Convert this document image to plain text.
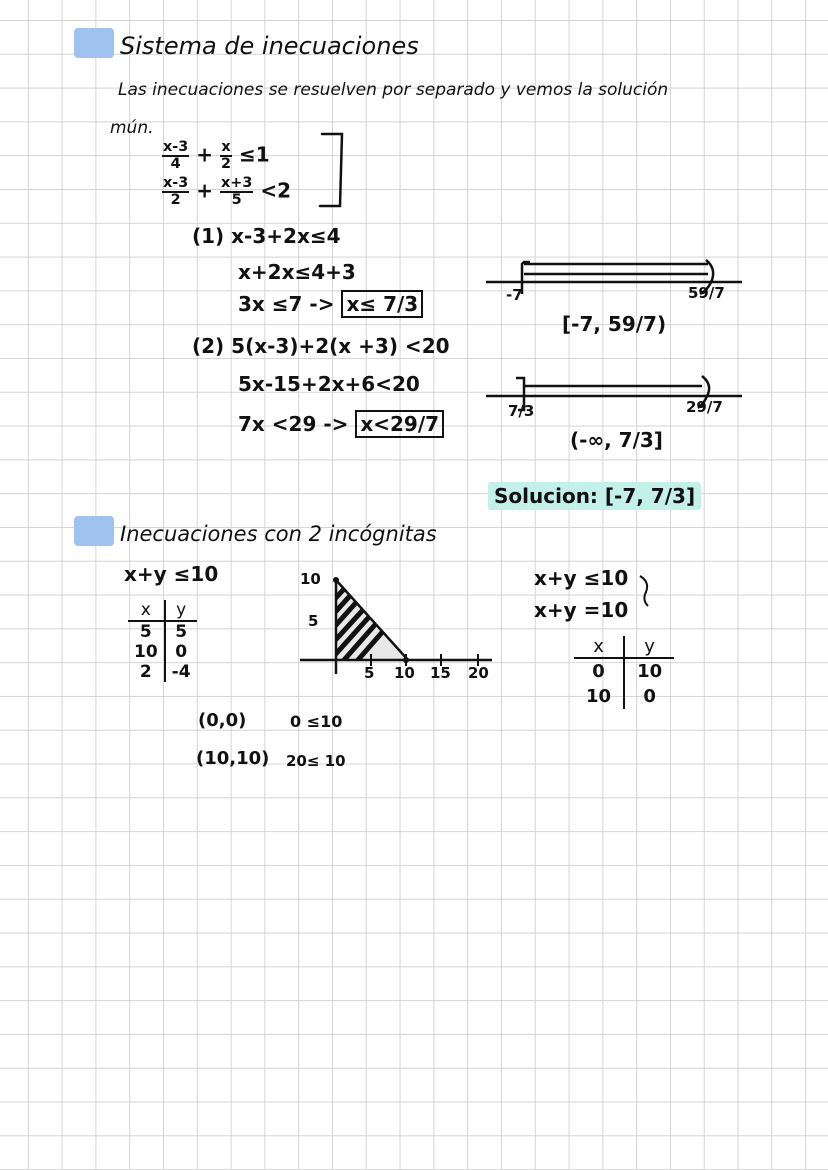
Sistema de inecuaciones
Las inecuaciones se resuelven por separado y vemos la solución
mún.
$\frac{x-3}{4} + \frac{x}{2} \le 1$
$\frac{x-3}{2} + \frac{x+3}{5} <2$
(1) x-3+2x≤4
x+2x≤4+3
3x ≤7 -> x≤ 7/3
(2) 5(x-3)+2(x +3) <20
5x-15+2x+6<20
7x <29 -> x<29/7
-7	59/7
[-7, 59/7)
7/3	29/7
(-∞, 7/3]
Solucion: [-7, 7/3]
Inecuaciones con 2 incógnitas
x+y ≤10
x	y
5	5
10	0
2	-4
10
5
5 10 15 20
(0,0)	0 ≤10
(10,10) 20≤ 10
x+y ≤10
x+y =10
x	y
0	10
10	0
